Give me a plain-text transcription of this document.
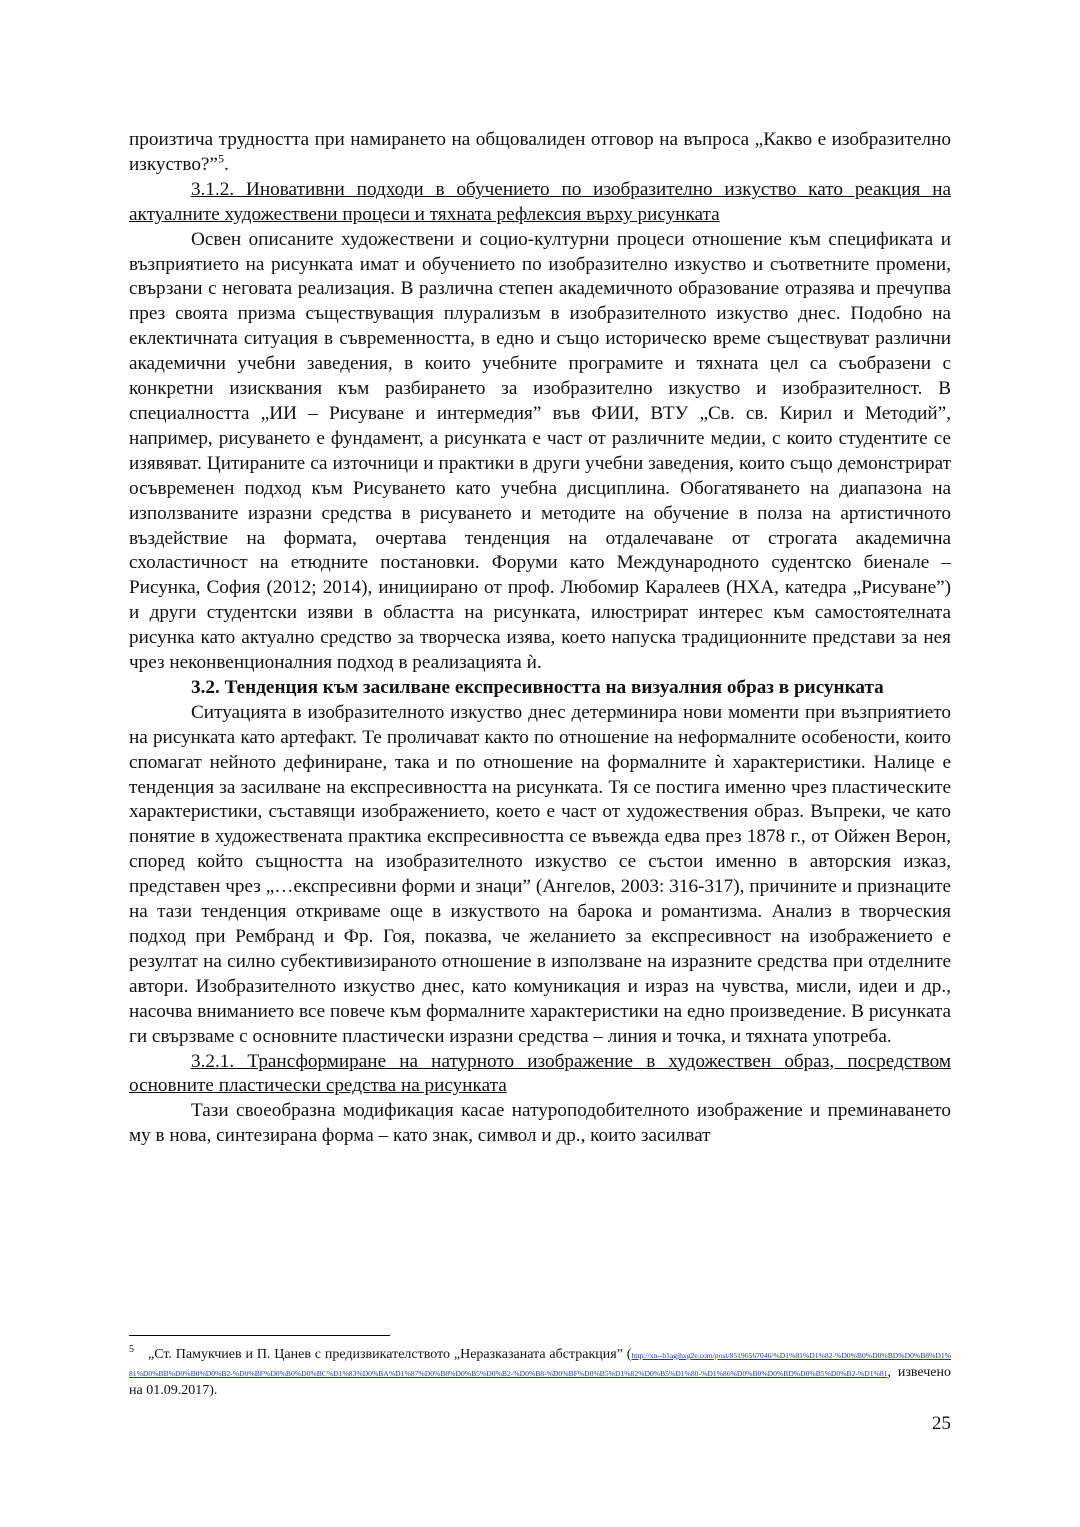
произтича трудността при намирането на общовалиден отговор на въпроса „Какво е изобразително изкуство?”$^5$.

3.1.2. Иновативни подходи в обучението по изобразително изкуство като реакция на актуалните художествени процеси и тяхната рефлексия върху рисунката

Освен описаните художествени и социо-културни процеси отношение към спецификата и възприятието на рисунката имат и обучението по изобразително изкуство и съответните промени, свързани с неговата реализация. В различна степен академичното образование отразява и пречупва през своята призма съществуващия плурализъм в изобразителното изкуство днес. Подобно на еклектичната ситуация в съвременността, в едно и също историческо време съществуват различни академични учебни заведения, в които учебните програмите и тяхната цел са съобразени с конкретни изисквания към разбирането за изобразително изкуство и изобразителност. В специалността „ИИ – Рисуване и интермедия” във ФИИ, ВТУ „Св. св. Кирил и Методий”, например, рисуването е фундамент, а рисунката е част от различните медии, с които студентите се изявяват. Цитираните са източници и практики в други учебни заведения, които също демонстрират осъвременен подход към Рисуването като учебна дисциплина. Обогатяването на диапазона на използваните изразни средства в рисуването и методите на обучение в полза на артистичното въздействие на формата, очертава тенденция на отдалечаване от строгата академична схоластичност на етюдните постановки. Форуми като Международното судентско биенале – Рисунка, София (2012; 2014), инициирано от проф. Любомир Каралеев (НХА, катедра „Рисуване”) и други студентски изяви в областта на рисунката, илюстрират интерес към самостоятелната рисунка като актуално средство за творческа изява, което напуска традиционните представи за нея чрез неконвенционалния подход в реализацията ѝ.

3.2. Тенденция към засилване експресивността на визуалния образ в рисунката

Ситуацията в изобразителното изкуство днес детерминира нови моменти при възприятието на рисунката като артефакт. Те проличават както по отношение на неформалните особености, които спомагат нейното дефиниране, така и по отношение на формалните ѝ характеристики. Налице е тенденция за засилване на експресивността на рисунката. Тя се постига именно чрез пластическите характеристики, съставящи изображението, което е част от художествения образ. Въпреки, че като понятие в художествената практика експресивността се въвежда едва през 1878 г., от Ойжен Верон, според който същността на изобразителното изкуство се състои именно в авторския изказ, представен чрез „…експресивни форми и знаци” (Ангелов, 2003: 316-317), причините и признаците на тази тенденция откриваме още в изкуството на барока и романтизма. Анализ в творческия подход при Рембранд и Фр. Гоя, показва, че желанието за експресивност на изображението е резултат на силно субективизираното отношение в използване на изразните средства при отделните автори. Изобразителното изкуство днес, като комуникация и израз на чувства, мисли, идеи и др., насочва вниманието все повече към формалните характеристики на едно произведение. В рисунката ги свързваме с основните пластически изразни средства – линия и точка, и тяхната употреба.

3.2.1. Трансформиране на натурното изображение в художествен образ, посредством основните пластически средства на рисунката

Тази своеобразна модификация касае натуроподобителното изображение и преминаването му в нова, синтезирана форма – като знак, символ и др., които засилват

$^5$ „Ст. Памукчиев и П. Цанев с предизвикателството „Неразказаната абстракция” (http://xn--b1agjhxg2e.com/post/85196567046/%D1%81%D1%82-%D0%B0%D0%BD%D0%B8%D1%81%D0%BB%D0%B0%D0%B2-%D0%BF%D0%B0%D0%BC%D1%83%D0%BA%D1%87%D0%B8%D0%B5%D0%B2-%D0%B8-%D0%BF%D0%B5%D1%82%D0%B5%D1%80-%D1%86%D0%B0%D0%BD%D0%B5%D0%B2-%D1%81, извечено на 01.09.2017).

25
